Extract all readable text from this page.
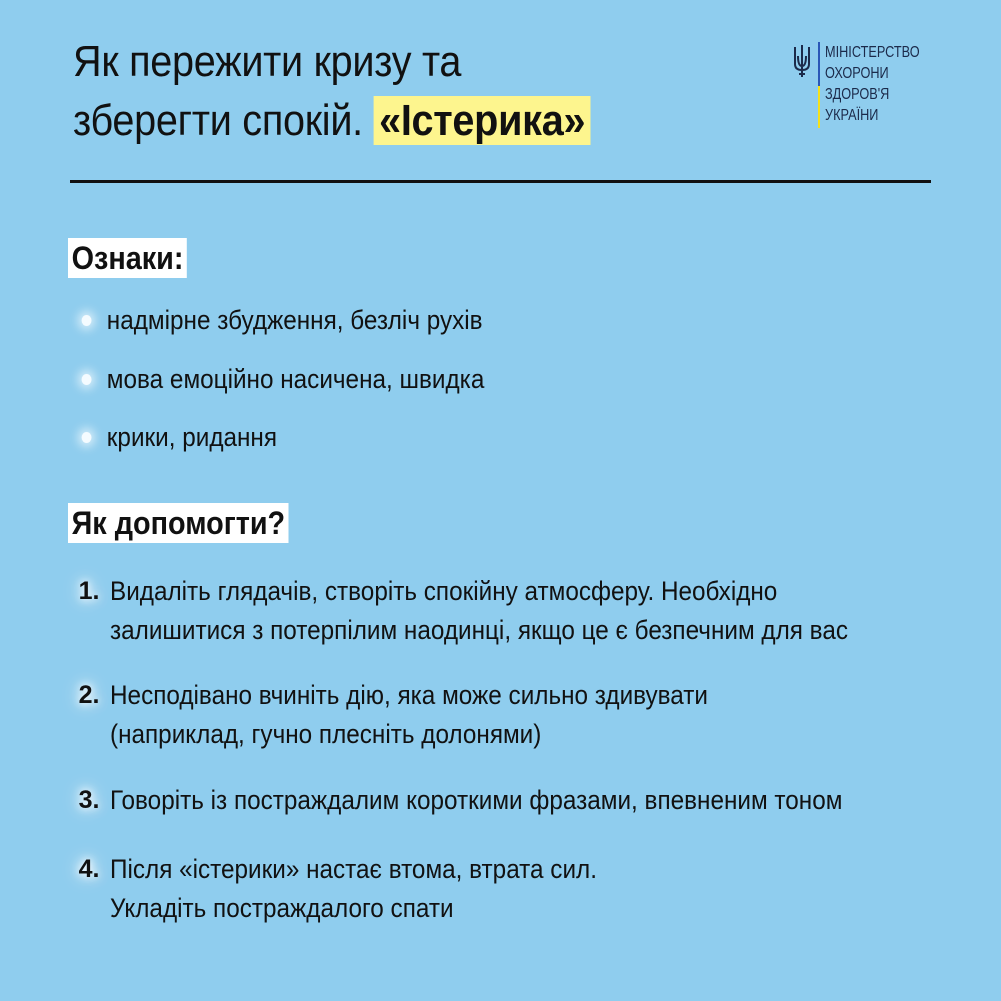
Як пережити кризу та
зберегти спокій. «Істерика»
МІНІСТЕРСТВО
ОХОРОНИ
ЗДОРОВ'Я
УКРАЇНИ
Ознаки:
надмірне збудження, безліч рухів
мова емоційно насичена, швидка
крики, ридання
Як допомогти?
1. Видаліть глядачів, створіть спокійну атмосферу. Необхідно
залишитися з потерпілим наодинці, якщо це є безпечним для вас
2. Несподівано вчиніть дію, яка може сильно здивувати
(наприклад, гучно плесніть долонями)
3. Говоріть із постраждалим короткими фразами, впевненим тоном
4. Після «істерики» настає втома, втрата сил.
Укладіть постраждалого спати
